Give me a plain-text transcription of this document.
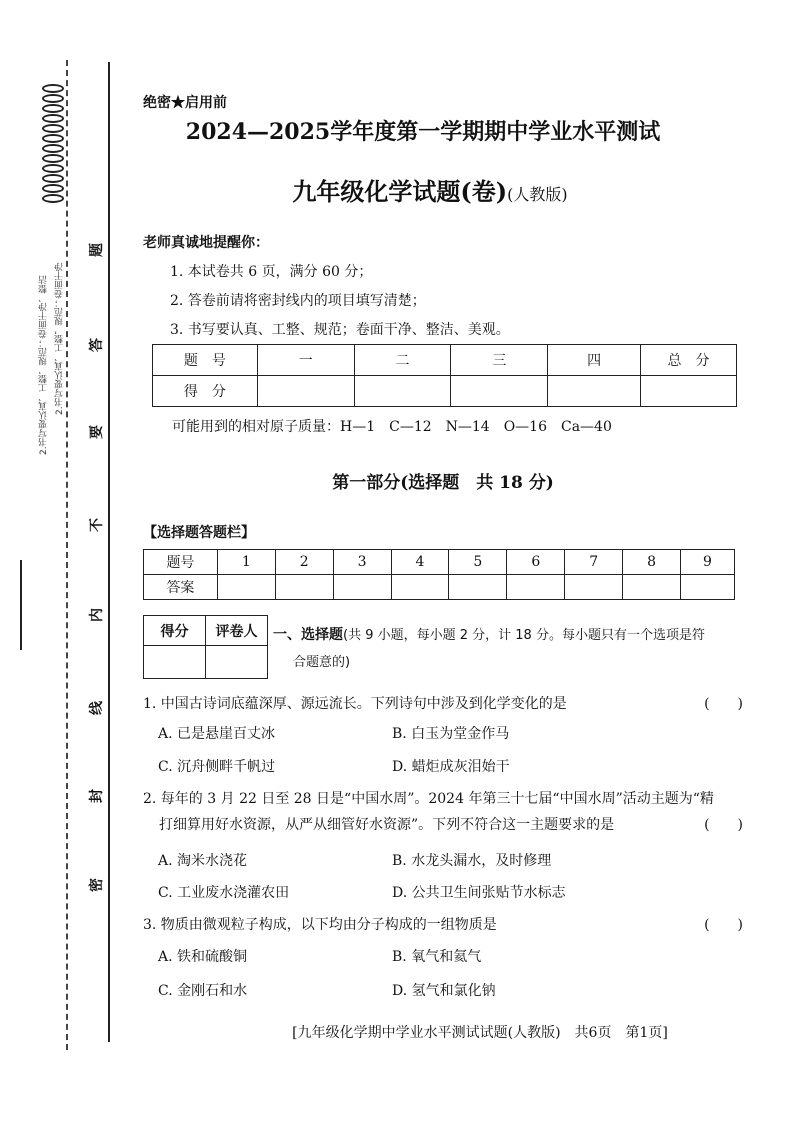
题
答
要
不
内
线
封
密
2.书写要认真、工整、规范；卷面干净、整洁 2.书写要认真、工整，规范；卷面干净
绝密★启用前
2024—2025学年度第一学期期中学业水平测试
九年级化学试题(卷)(人教版)
老师真诚地提醒你：
1. 本试卷共 6 页，满分 60 分；
2. 答卷前请将密封线内的项目填写清楚；
3. 书写要认真、工整、规范；卷面干净、整洁、美观。
题　号	一	二	三	四	总　分
得　分					
可能用到的相对原子质量：H—1　C—12　N—14　O—16　Ca—40
第一部分(选择题　共 18 分)
【选择题答题栏】
题号	1	2	3	4	5	6	7	8	9
答案									
得分	评卷人
	一、选择题(共 9 小题，每小题 2 分，计 18 分。每小题只有一个选项是符
合题意的)
1. 中国古诗词底蕴深厚、源远流长。下列诗句中涉及到化学变化的是	(　　)
A. 已是悬崖百丈冰	B. 白玉为堂金作马
C. 沉舟侧畔千帆过	D. 蜡炬成灰泪始干
2. 每年的 3 月 22 日至 28 日是“中国水周”。2024 年第三十七届“中国水周”活动主题为“精
打细算用好水资源，从严从细管好水资源”。下列不符合这一主题要求的是	(　　)
A. 淘米水浇花	B. 水龙头漏水，及时修理
C. 工业废水浇灌农田	D. 公共卫生间张贴节水标志
3. 物质由微观粒子构成，以下均由分子构成的一组物质是	(　　)
A. 铁和硫酸铜	B. 氧气和氦气
C. 金刚石和水	D. 氢气和氯化钠
[九年级化学期中学业水平测试试题(人教版)　共6页　第1页]
